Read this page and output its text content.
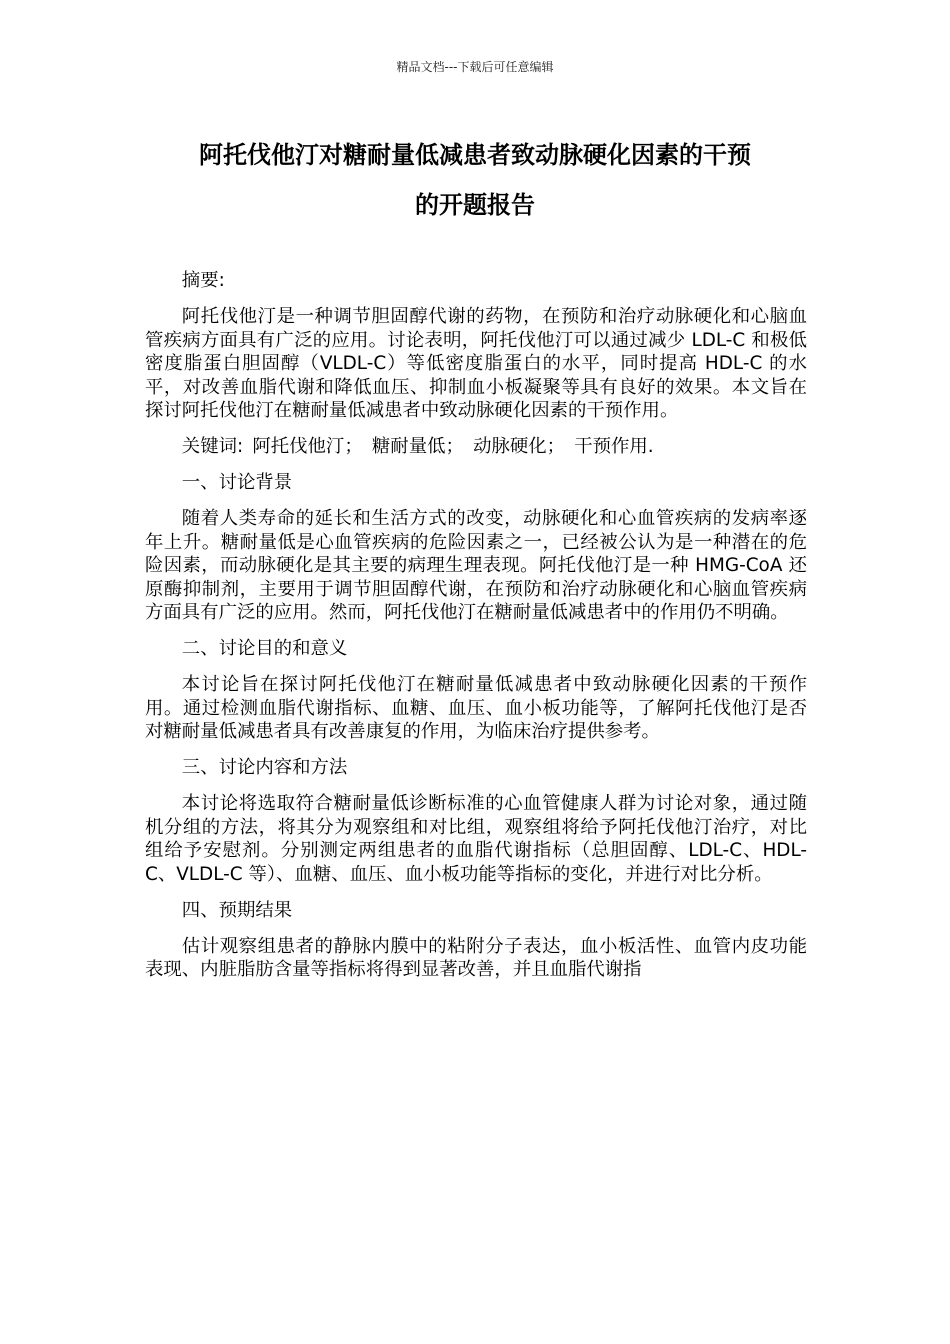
精品文档---下载后可任意编辑
阿托伐他汀对糖耐量低减患者致动脉硬化因素的干预
的开题报告

摘要:

阿托伐他汀是一种调节胆固醇代谢的药物，在预防和治疗动脉硬化和心脑血管疾病方面具有广泛的应用。讨论表明，阿托伐他汀可以通过减少 LDL-C 和极低密度脂蛋白胆固醇（VLDL-C）等低密度脂蛋白的水平，同时提高 HDL-C 的水平，对改善血脂代谢和降低血压、抑制血小板凝聚等具有良好的效果。本文旨在探讨阿托伐他汀在糖耐量低减患者中致动脉硬化因素的干预作用。

关键词: 阿托伐他汀； 糖耐量低； 动脉硬化； 干预作用.

一、讨论背景

随着人类寿命的延长和生活方式的改变，动脉硬化和心血管疾病的发病率逐年上升。糖耐量低是心血管疾病的危险因素之一，已经被公认为是一种潜在的危险因素，而动脉硬化是其主要的病理生理表现。阿托伐他汀是一种 HMG-CoA 还原酶抑制剂，主要用于调节胆固醇代谢，在预防和治疗动脉硬化和心脑血管疾病方面具有广泛的应用。然而，阿托伐他汀在糖耐量低减患者中的作用仍不明确。

二、讨论目的和意义

本讨论旨在探讨阿托伐他汀在糖耐量低减患者中致动脉硬化因素的干预作用。通过检测血脂代谢指标、血糖、血压、血小板功能等，了解阿托伐他汀是否对糖耐量低减患者具有改善康复的作用，为临床治疗提供参考。

三、讨论内容和方法

本讨论将选取符合糖耐量低诊断标准的心血管健康人群为讨论对象，通过随机分组的方法，将其分为观察组和对比组，观察组将给予阿托伐他汀治疗，对比组给予安慰剂。分别测定两组患者的血脂代谢指标（总胆固醇、LDL-C、HDL-C、VLDL-C 等）、血糖、血压、血小板功能等指标的变化，并进行对比分析。

四、预期结果

估计观察组患者的静脉内膜中的粘附分子表达，血小板活性、血管内皮功能表现、内脏脂肪含量等指标将得到显著改善，并且血脂代谢指
